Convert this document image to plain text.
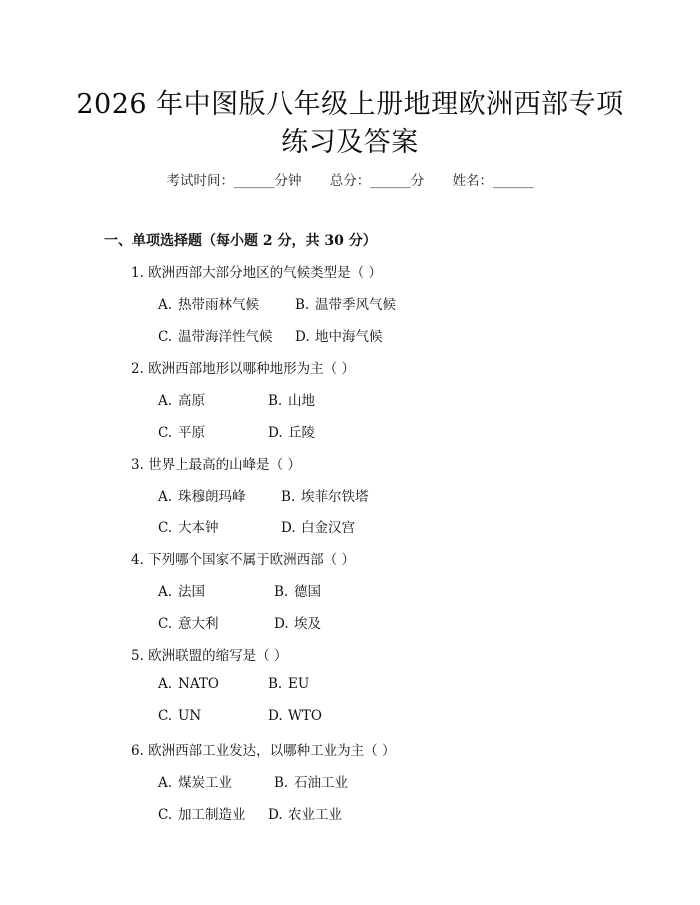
2026 年中图版八年级上册地理欧洲西部专项
练习及答案
考试时间：______分钟 总分：______分 姓名：______
一、单项选择题（每小题 2 分，共 30 分）
1. 欧洲西部大部分地区的气候类型是（ ）
A. 热带雨林气候	B. 温带季风气候
C. 温带海洋性气候 D. 地中海气候
2. 欧洲西部地形以哪种地形为主（ ）
A. 高原	B. 山地
C. 平原	D. 丘陵
3. 世界上最高的山峰是（ ）
A. 珠穆朗玛峰	B. 埃菲尔铁塔
C. 大本钟	D. 白金汉宫
4. 下列哪个国家不属于欧洲西部（ ）
A. 法国	B. 德国
C. 意大利	D. 埃及
5. 欧洲联盟的缩写是（ ）
A. NATO	B. EU
C. UN	D. WTO
6. 欧洲西部工业发达，以哪种工业为主（ ）
A. 煤炭工业	B. 石油工业
C. 加工制造业 D. 农业工业
